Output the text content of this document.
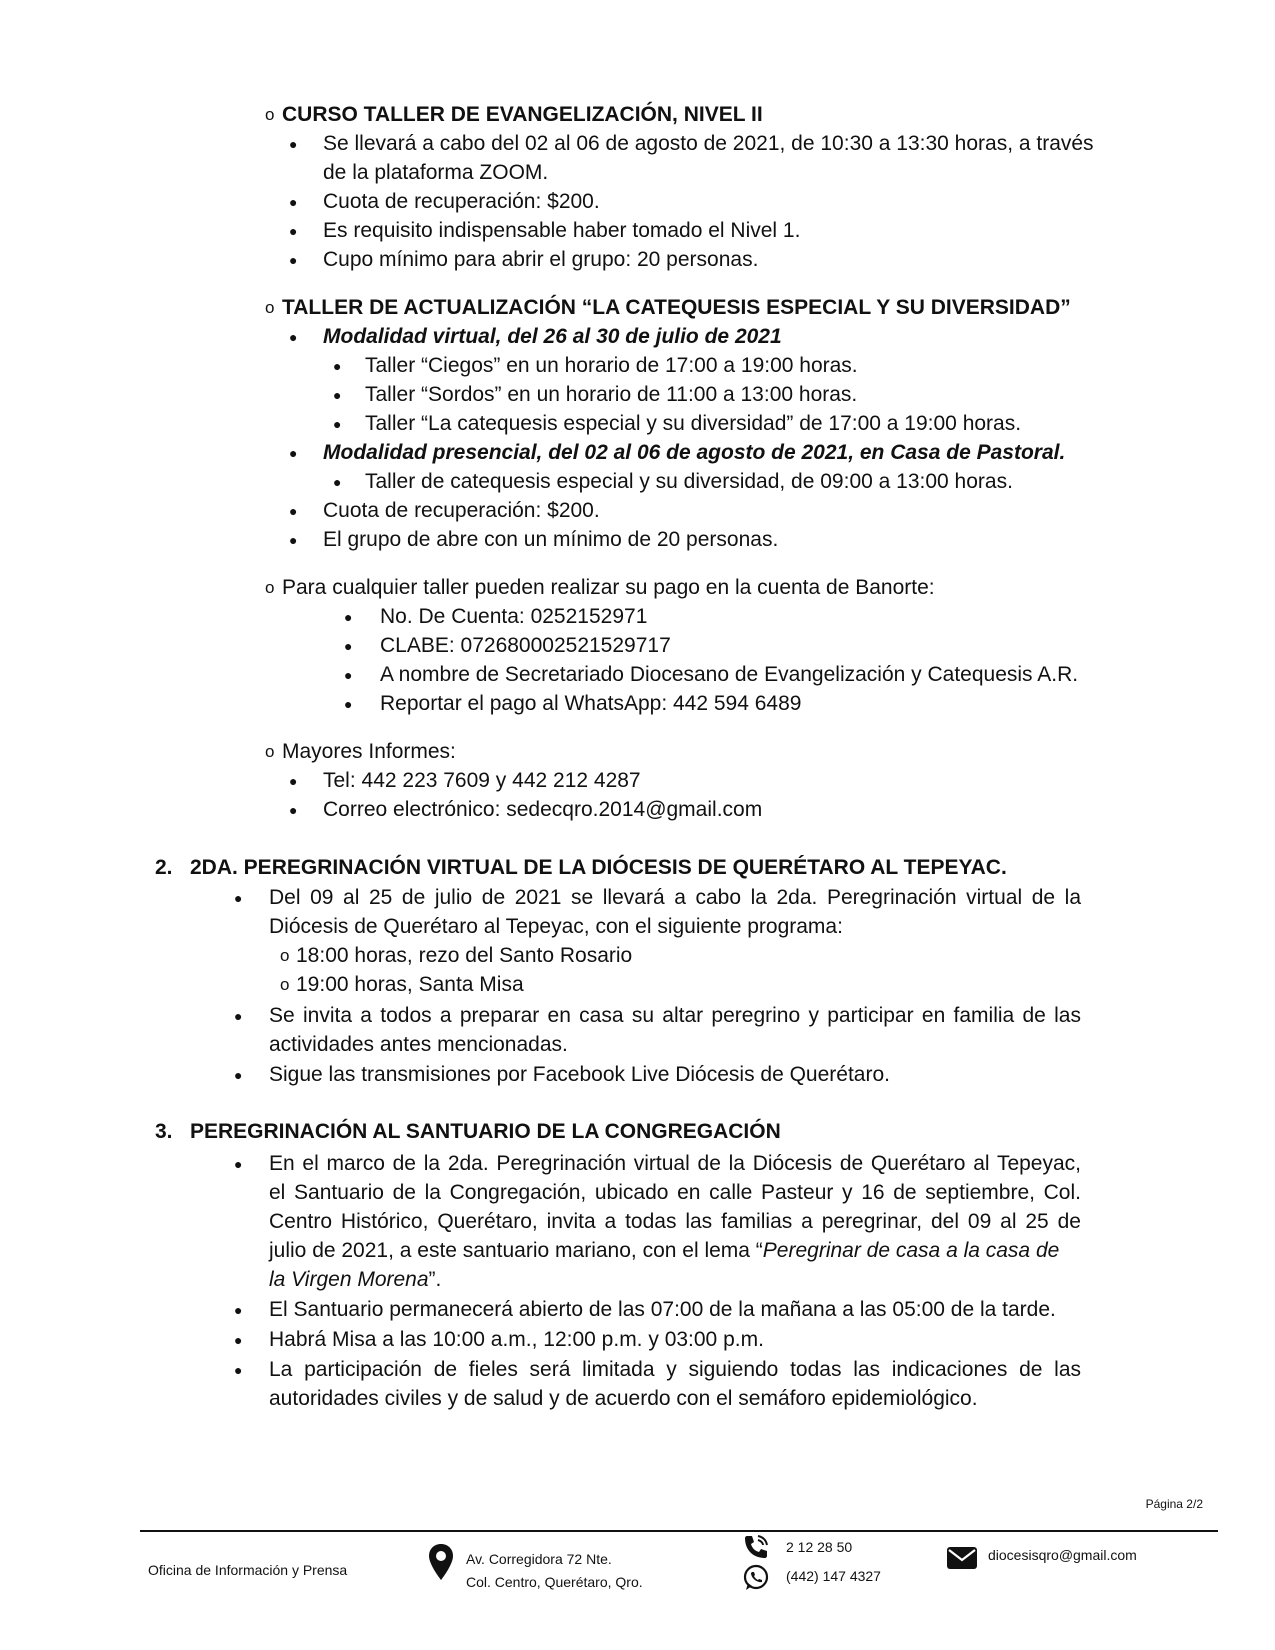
o CURSO TALLER DE EVANGELIZACIÓN, NIVEL II
● Se llevará a cabo del 02 al 06 de agosto de 2021, de 10:30 a 13:30 horas, a través
de la plataforma ZOOM.
● Cuota de recuperación: $200.
● Es requisito indispensable haber tomado el Nivel 1.
● Cupo mínimo para abrir el grupo: 20 personas.
o TALLER DE ACTUALIZACIÓN “LA CATEQUESIS ESPECIAL Y SU DIVERSIDAD”
● Modalidad virtual, del 26 al 30 de julio de 2021
● Taller “Ciegos” en un horario de 17:00 a 19:00 horas.
● Taller “Sordos” en un horario de 11:00 a 13:00 horas.
● Taller “La catequesis especial y su diversidad” de 17:00 a 19:00 horas.
● Modalidad presencial, del 02 al 06 de agosto de 2021, en Casa de Pastoral.
● Taller de catequesis especial y su diversidad, de 09:00 a 13:00 horas.
● Cuota de recuperación: $200.
● El grupo de abre con un mínimo de 20 personas.
o Para cualquier taller pueden realizar su pago en la cuenta de Banorte:
● No. De Cuenta: 0252152971
● CLABE: 072680002521529717
● A nombre de Secretariado Diocesano de Evangelización y Catequesis A.R.
● Reportar el pago al WhatsApp: 442 594 6489
o Mayores Informes:
● Tel: 442 223 7609 y 442 212 4287
● Correo electrónico: sedecqro.2014@gmail.com
2. 2DA. PEREGRINACIÓN VIRTUAL DE LA DIÓCESIS DE QUERÉTARO AL TEPEYAC.
● Del 09 al 25 de julio de 2021 se llevará a cabo la 2da. Peregrinación virtual de la
Diócesis de Querétaro al Tepeyac, con el siguiente programa:
o 18:00 horas, rezo del Santo Rosario
o 19:00 horas, Santa Misa
● Se invita a todos a preparar en casa su altar peregrino y participar en familia de las
actividades antes mencionadas.
● Sigue las transmisiones por Facebook Live Diócesis de Querétaro.
3. PEREGRINACIÓN AL SANTUARIO DE LA CONGREGACIÓN
● En el marco de la 2da. Peregrinación virtual de la Diócesis de Querétaro al Tepeyac,
el Santuario de la Congregación, ubicado en calle Pasteur y 16 de septiembre, Col.
Centro Histórico, Querétaro, invita a todas las familias a peregrinar, del 09 al 25 de
julio de 2021, a este santuario mariano, con el lema “Peregrinar de casa a la casa de
la Virgen Morena”.
● El Santuario permanecerá abierto de las 07:00 de la mañana a las 05:00 de la tarde.
● Habrá Misa a las 10:00 a.m., 12:00 p.m. y 03:00 p.m.
● La participación de fieles será limitada y siguiendo todas las indicaciones de las
autoridades civiles y de salud y de acuerdo con el semáforo epidemiológico.
Página 2/2
Oficina de Información y Prensa
Av. Corregidora 72 Nte.
Col. Centro, Querétaro, Qro.
2 12 28 50
(442) 147 4327
diocesisqro@gmail.com
